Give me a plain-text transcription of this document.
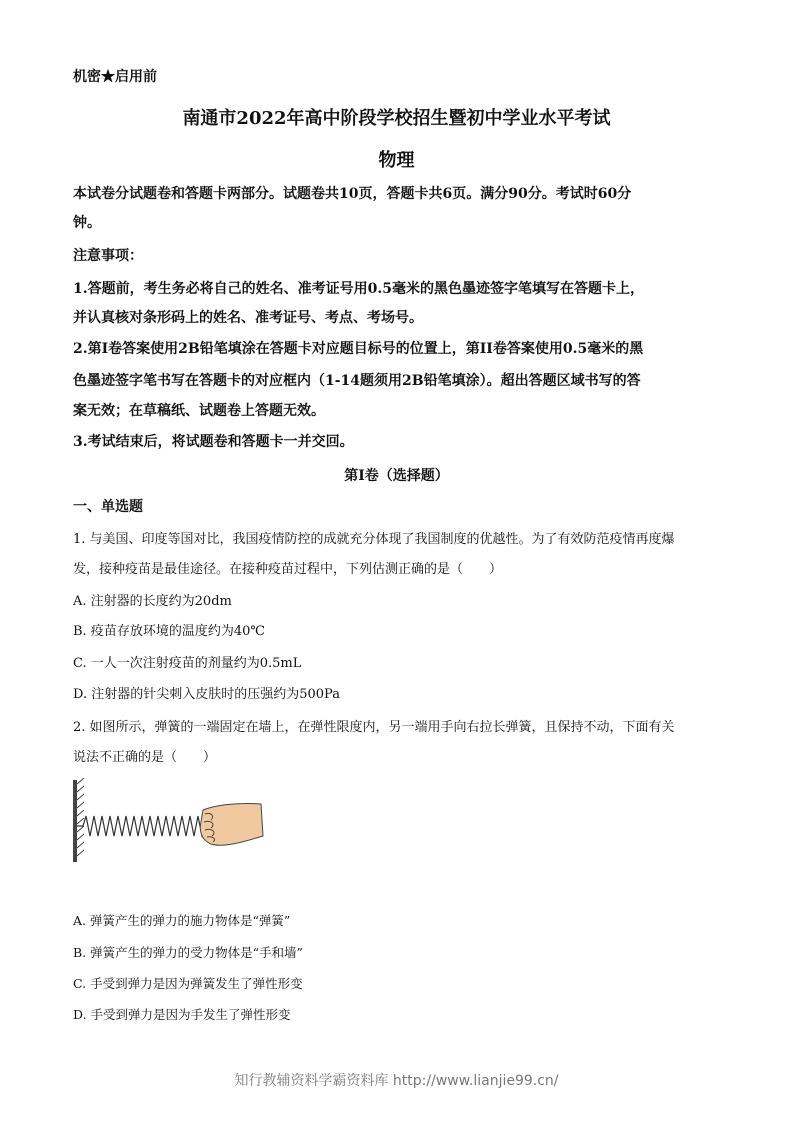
机密★启用前
南通市2022年高中阶段学校招生暨初中学业水平考试
物理
本试卷分试题卷和答题卡两部分。试题卷共10页，答题卡共6页。满分90分。考试时60分
钟。
注意事项：
1.答题前，考生务必将自己的姓名、准考证号用0.5毫米的黑色墨迹签字笔填写在答题卡上，
并认真核对条形码上的姓名、准考证号、考点、考场号。
2.第I卷答案使用2B铅笔填涂在答题卡对应题目标号的位置上，第II卷答案使用0.5毫米的黑
色墨迹签字笔书写在答题卡的对应框内（1-14题须用2B铅笔填涂）。超出答题区域书写的答
案无效；在草稿纸、试题卷上答题无效。
3.考试结束后，将试题卷和答题卡一并交回。
第I卷（选择题）
一、单选题
1. 与美国、印度等国对比，我国疫情防控的成就充分体现了我国制度的优越性。为了有效防范疫情再度爆
发，接种疫苗是最佳途径。在接种疫苗过程中，下列估测正确的是（　　）
A. 注射器的长度约为20dm
B. 疫苗存放环境的温度约为40℃
C. 一人一次注射疫苗的剂量约为0.5mL
D. 注射器的针尖刺入皮肤时的压强约为500Pa
2. 如图所示，弹簧的一端固定在墙上，在弹性限度内，另一端用手向右拉长弹簧，且保持不动，下面有关
说法不正确的是（　　）
A. 弹簧产生的弹力的施力物体是“弹簧”
B. 弹簧产生的弹力的受力物体是“手和墙”
C. 手受到弹力是因为弹簧发生了弹性形变
D. 手受到弹力是因为手发生了弹性形变
知行教辅资料学霸资料库 http://www.lianjie99.cn/
